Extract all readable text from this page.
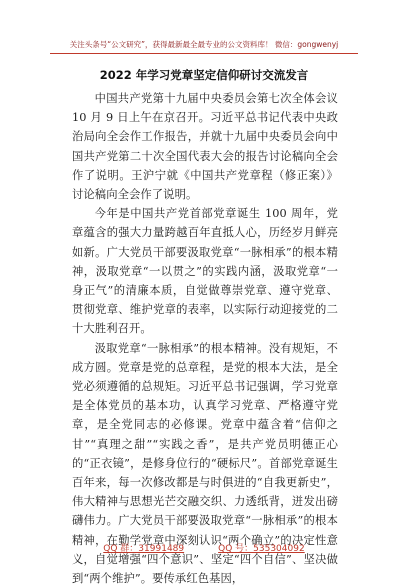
关注头条号“公文研究”，获得最新最全最专业的公文资料库！ 微信：gongwenyj
2022 年学习党章坚定信仰研讨交流发言

中国共产党第十九届中央委员会第七次全体会议 10 月 9 日上午在京召开。习近平总书记代表中央政治局向全会作工作报告，并就十九届中央委员会向中国共产党第二十次全国代表大会的报告讨论稿向全会作了说明。王沪宁就《中国共产党章程（修正案）》讨论稿向全会作了说明。

今年是中国共产党首部党章诞生 100 周年，党章蕴含的强大力量跨越百年直抵人心，历经岁月鲜亮如新。广大党员干部要汲取党章“一脉相承”的根本精神，汲取党章“一以贯之”的实践内涵，汲取党章“一身正气”的清廉本质，自觉做尊崇党章、遵守党章、贯彻党章、维护党章的表率，以实际行动迎接党的二十大胜利召开。

汲取党章“一脉相承”的根本精神。没有规矩，不成方圆。党章是党的总章程，是党的根本大法，是全党必须遵循的总规矩。习近平总书记强调，学习党章是全体党员的基本功，认真学习党章、严格遵守党章，是全党同志的必修课。党章中蕴含着“信仰之甘”“真理之甜”“实践之香”，是共产党员明德正心的“正衣镜”，是修身位行的“硬标尺”。首部党章诞生百年来，每一次修改都是与时俱进的“自我更新史”，伟大精神与思想光芒交融交织、力透纸背，迸发出磅礴伟力。广大党员干部要汲取党章“一脉相承”的根本精神，在勤学党章中深刻认识“两个确立”的决定性意义，自觉增强“四个意识”、坚定“四个自信”、坚决做到“两个维护”。要传承红色基因，

QQ 群：31991489	QQ 号：535304092
